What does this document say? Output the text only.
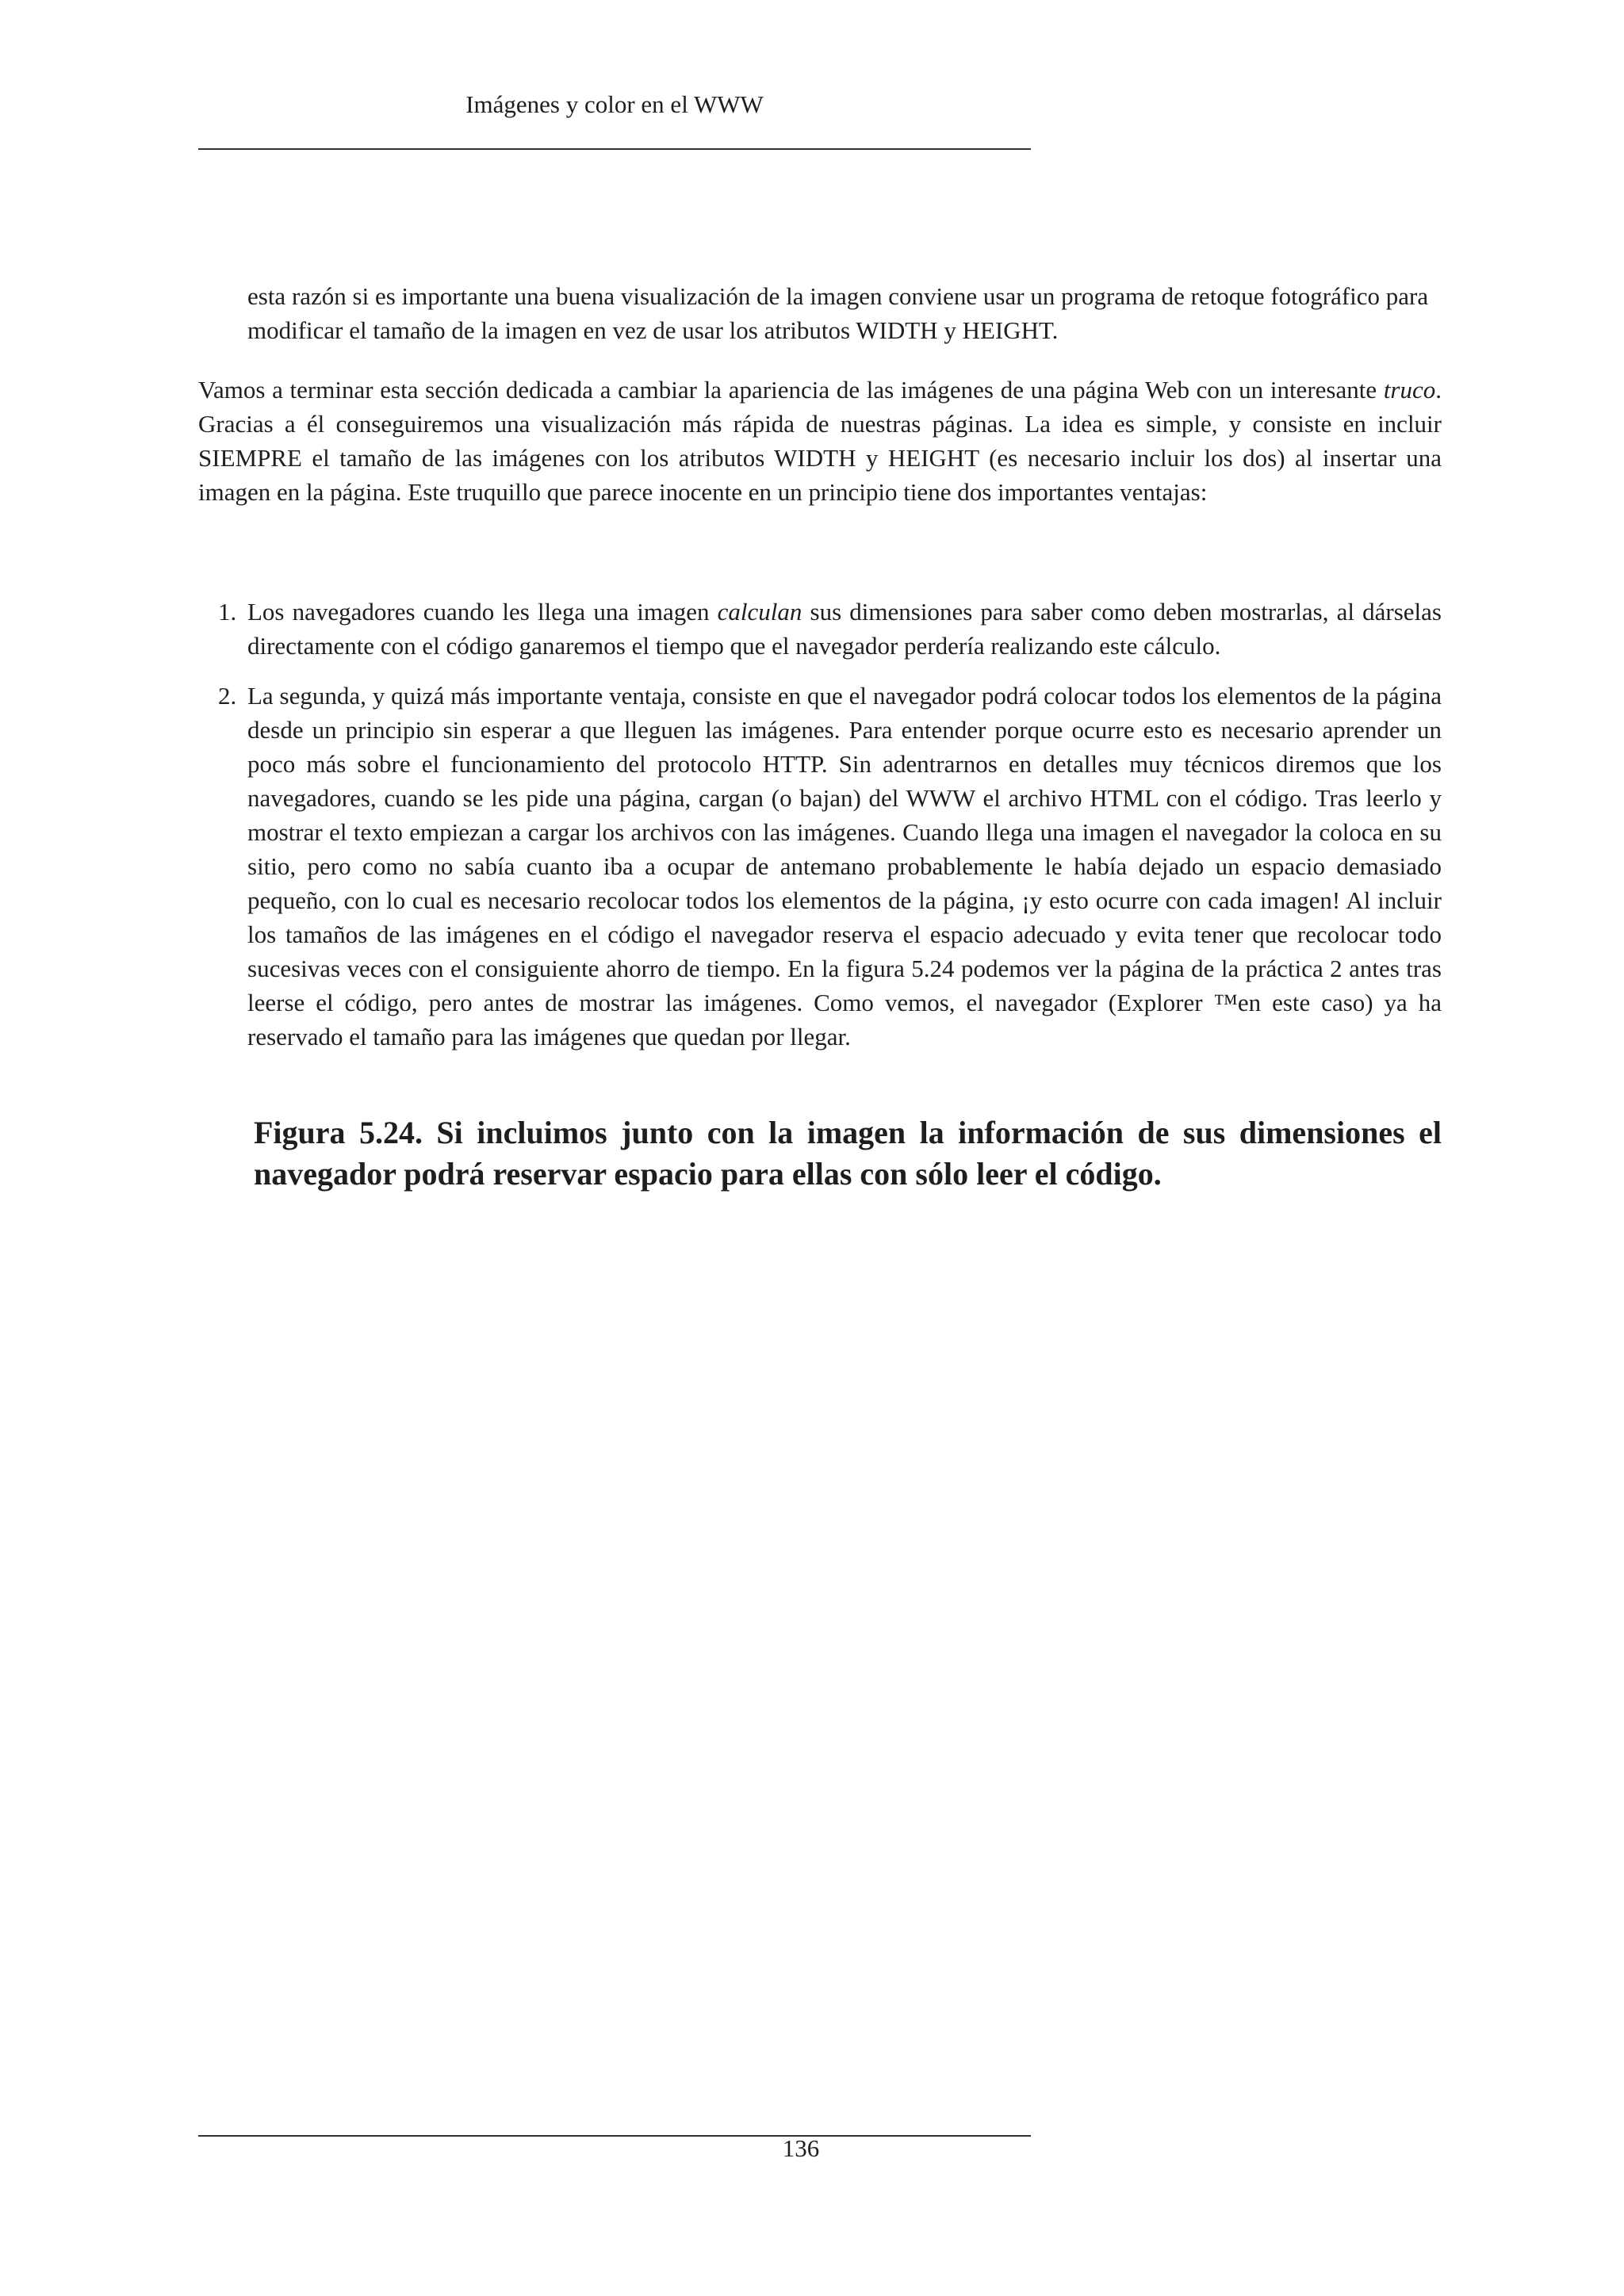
Imágenes y color en el WWW
esta razón si es importante una buena visualización de la imagen conviene usar un programa de retoque fotográfico para modificar el tamaño de la imagen en vez de usar los atributos WIDTH y HEIGHT.

Vamos a terminar esta sección dedicada a cambiar la apariencia de las imágenes de una página Web con un interesante truco. Gracias a él conseguiremos una visualización más rápida de nuestras páginas. La idea es simple, y consiste en incluir SIEMPRE el tamaño de las imágenes con los atributos WIDTH y HEIGHT (es necesario incluir los dos) al insertar una imagen en la página. Este truquillo que parece inocente en un principio tiene dos importantes ventajas:

1. Los navegadores cuando les llega una imagen calculan sus dimensiones para saber como deben mostrarlas, al dárselas directamente con el código ganaremos el tiempo que el navegador perdería realizando este cálculo.
2. La segunda, y quizá más importante ventaja, consiste en que el navegador podrá colocar todos los elementos de la página desde un principio sin esperar a que lleguen las imágenes. Para entender porque ocurre esto es necesario aprender un poco más sobre el funcionamiento del protocolo HTTP. Sin adentrarnos en detalles muy técnicos diremos que los navegadores, cuando se les pide una página, cargan (o bajan) del WWW el archivo HTML con el código. Tras leerlo y mostrar el texto empiezan a cargar los archivos con las imágenes. Cuando llega una imagen el navegador la coloca en su sitio, pero como no sabía cuanto iba a ocupar de antemano probablemente le había dejado un espacio demasiado pequeño, con lo cual es necesario recolocar todos los elementos de la página, ¡y esto ocurre con cada imagen! Al incluir los tamaños de las imágenes en el código el navegador reserva el espacio adecuado y evita tener que recolocar todo sucesivas veces con el consiguiente ahorro de tiempo. En la figura 5.24 podemos ver la página de la práctica 2 antes tras leerse el código, pero antes de mostrar las imágenes. Como vemos, el navegador (Explorer ™en este caso) ya ha reservado el tamaño para las imágenes que quedan por llegar.
Figura 5.24. Si incluimos junto con la imagen la información de sus dimensiones el navegador podrá reservar espacio para ellas con sólo leer el código.
136
